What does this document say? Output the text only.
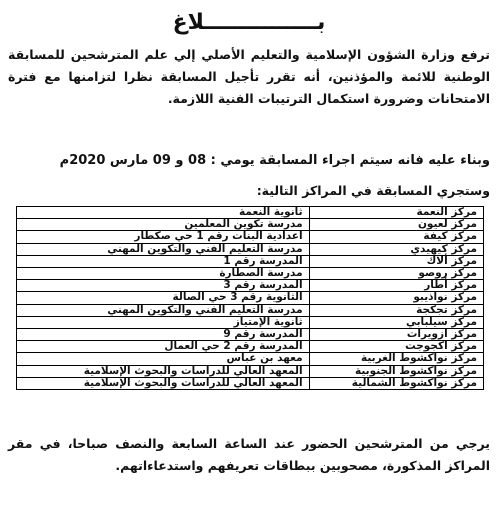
بـــــــــــــــلاغ
ترفع وزارة الشؤون الإسلامية والتعليم الأصلي إلي علم المترشحين للمسابقة الوطنية للائمة والمؤذنين، أنه تقرر تأجيل المسابقة نظرا لتزامنها مع فترة الامتحانات وضرورة استكمال الترتيبات الفنية اللازمة.
وبناء عليه فانه سيتم اجراء المسابقة يومي : 08 و 09 مارس 2020م
وستجري المسابقة في المراكز التالية:
مركز النعمة	ثانوية النعمة
مركز لعيون	مدرسة تكوين المعلمين
مركز كيفة	اعدادية البنات رقم 1 حي صكطار
مركز كيهيدي	مدرسة التعليم الفني والتكوين المهني
مركز ألاك	المدرسة رقم 1
مركز روصو	مدرسة الصطارة
مركز أطار	المدرسة رقم 3
مركز نواذيبو	الثانوية رقم 3 حي الصالة
مركز تجكجة	مدرسة التعليم الفني والتكوين المهني
مركز سيلبابي	ثانوية الإمتياز
مركز ازويرات	المدرسة رقم 9
مركز اكجوجت	المدرسة رقم 2 حي العمال
مركز نواكشوط الغربية	معهد بن عباس
مركز نواكشوط الجنوبية	المعهد العالي للدراسات والبحوث الإسلامية
مركز نواكشوط الشمالية	المعهد العالي للدراسات والبحوث الإسلامية
يرجي من المترشحين الحضور عند الساعة السابعة والنصف صباحا، في مقر المراكز المذكورة، مصحوبين ببطاقات تعريفهم واستدعاءاتهم.
